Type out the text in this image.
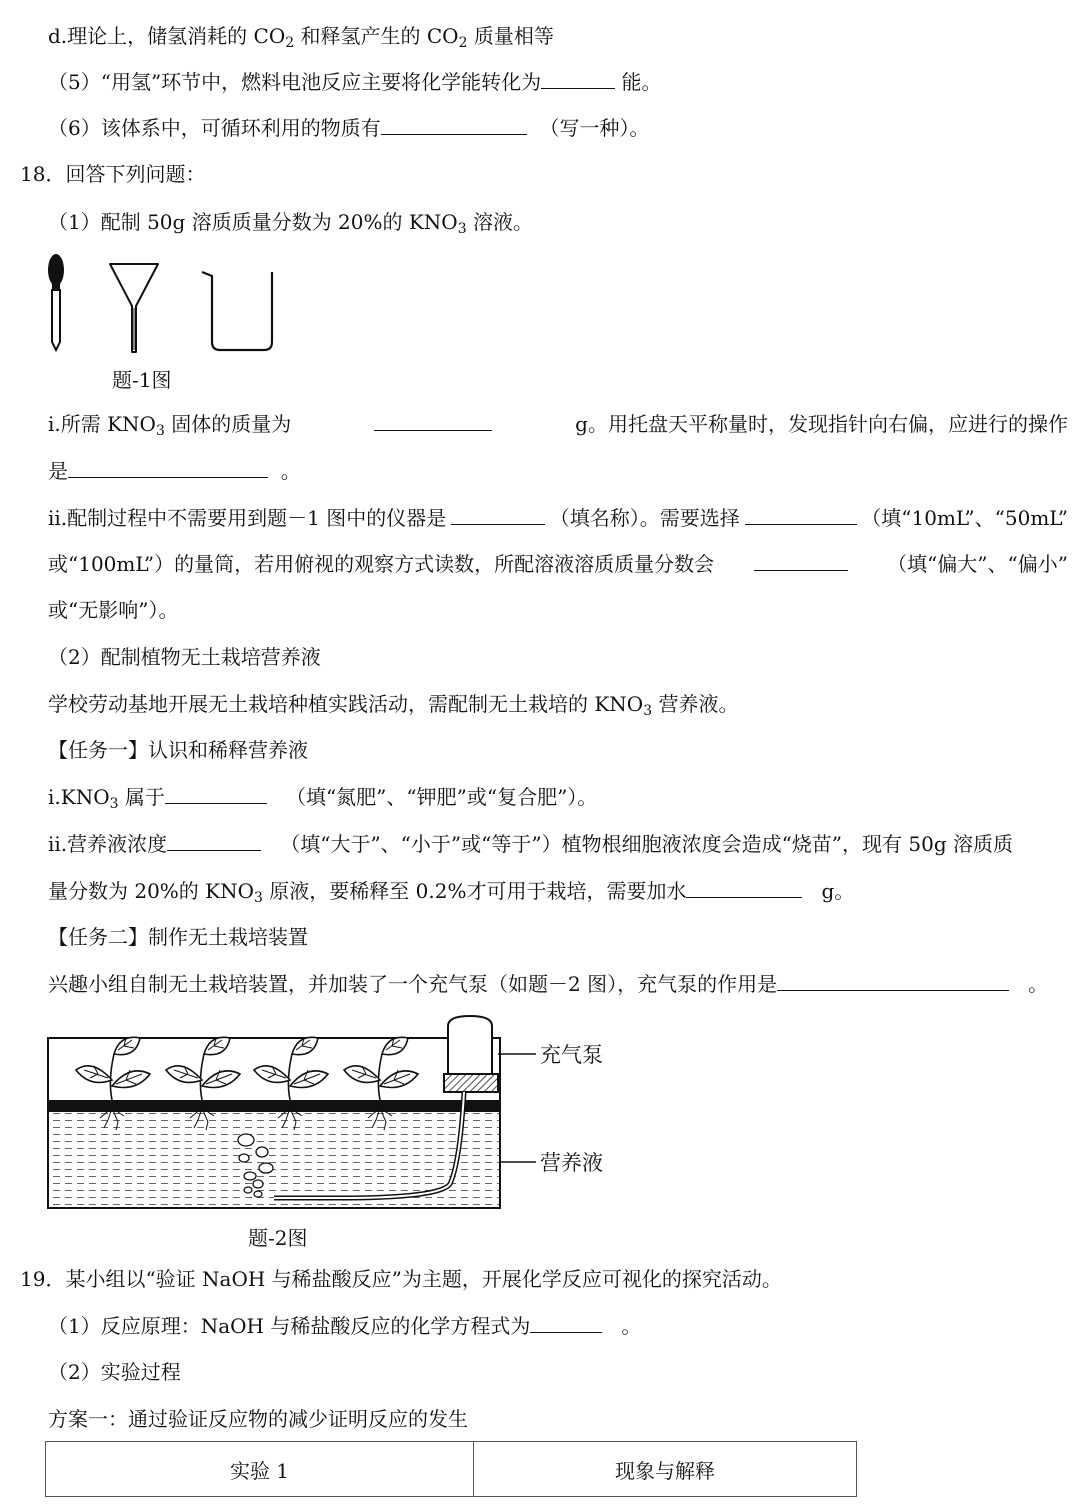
d.理论上，储氢消耗的 $CO_2$ 和释氢产生的 $CO_2$ 质量相等
（5）“用氢”环节中，燃料电池反应主要将化学能转化为	能。
（6）该体系中，可循环利用的物质有	（写一种）。
18．回答下列问题：
（1）配制 50g 溶质质量分数为 20%的 $KNO_3$ 溶液。
题-1图
i.所需 $KNO_3$ 固体的质量为	g。用托盘天平称量时，发现指针向右偏，应进行的操作
是	。
ii.配制过程中不需要用到题－1 图中的仪器是	（填名称）。需要选择	（填“10mL”、“50mL”
或“100mL”）的量筒，若用俯视的观察方式读数，所配溶液溶质质量分数会	（填“偏大”、“偏小”
或“无影响”）。
（2）配制植物无土栽培营养液
学校劳动基地开展无土栽培种植实践活动，需配制无土栽培的 $KNO_3$ 营养液。
【任务一】认识和稀释营养液
$i.KNO_3$ 属于	（填“氮肥”、“钾肥”或“复合肥”）。
ii.营养液浓度	（填“大于”、“小于”或“等于”）植物根细胞液浓度会造成“烧苗”，现有 50g 溶质质
量分数为 20%的 $KNO_3$ 原液，要稀释至 0.2%才可用于栽培，需要加水	g。
【任务二】制作无土栽培装置
兴趣小组自制无土栽培装置，并加装了一个充气泵（如题－2 图），充气泵的作用是	。
充气泵
营养液
题-2图
19．某小组以“验证 NaOH 与稀盐酸反应”为主题，开展化学反应可视化的探究活动。
（1）反应原理：NaOH 与稀盐酸反应的化学方程式为	。
（2）实验过程
方案一：通过验证反应物的减少证明反应的发生
实验 1	现象与解释
